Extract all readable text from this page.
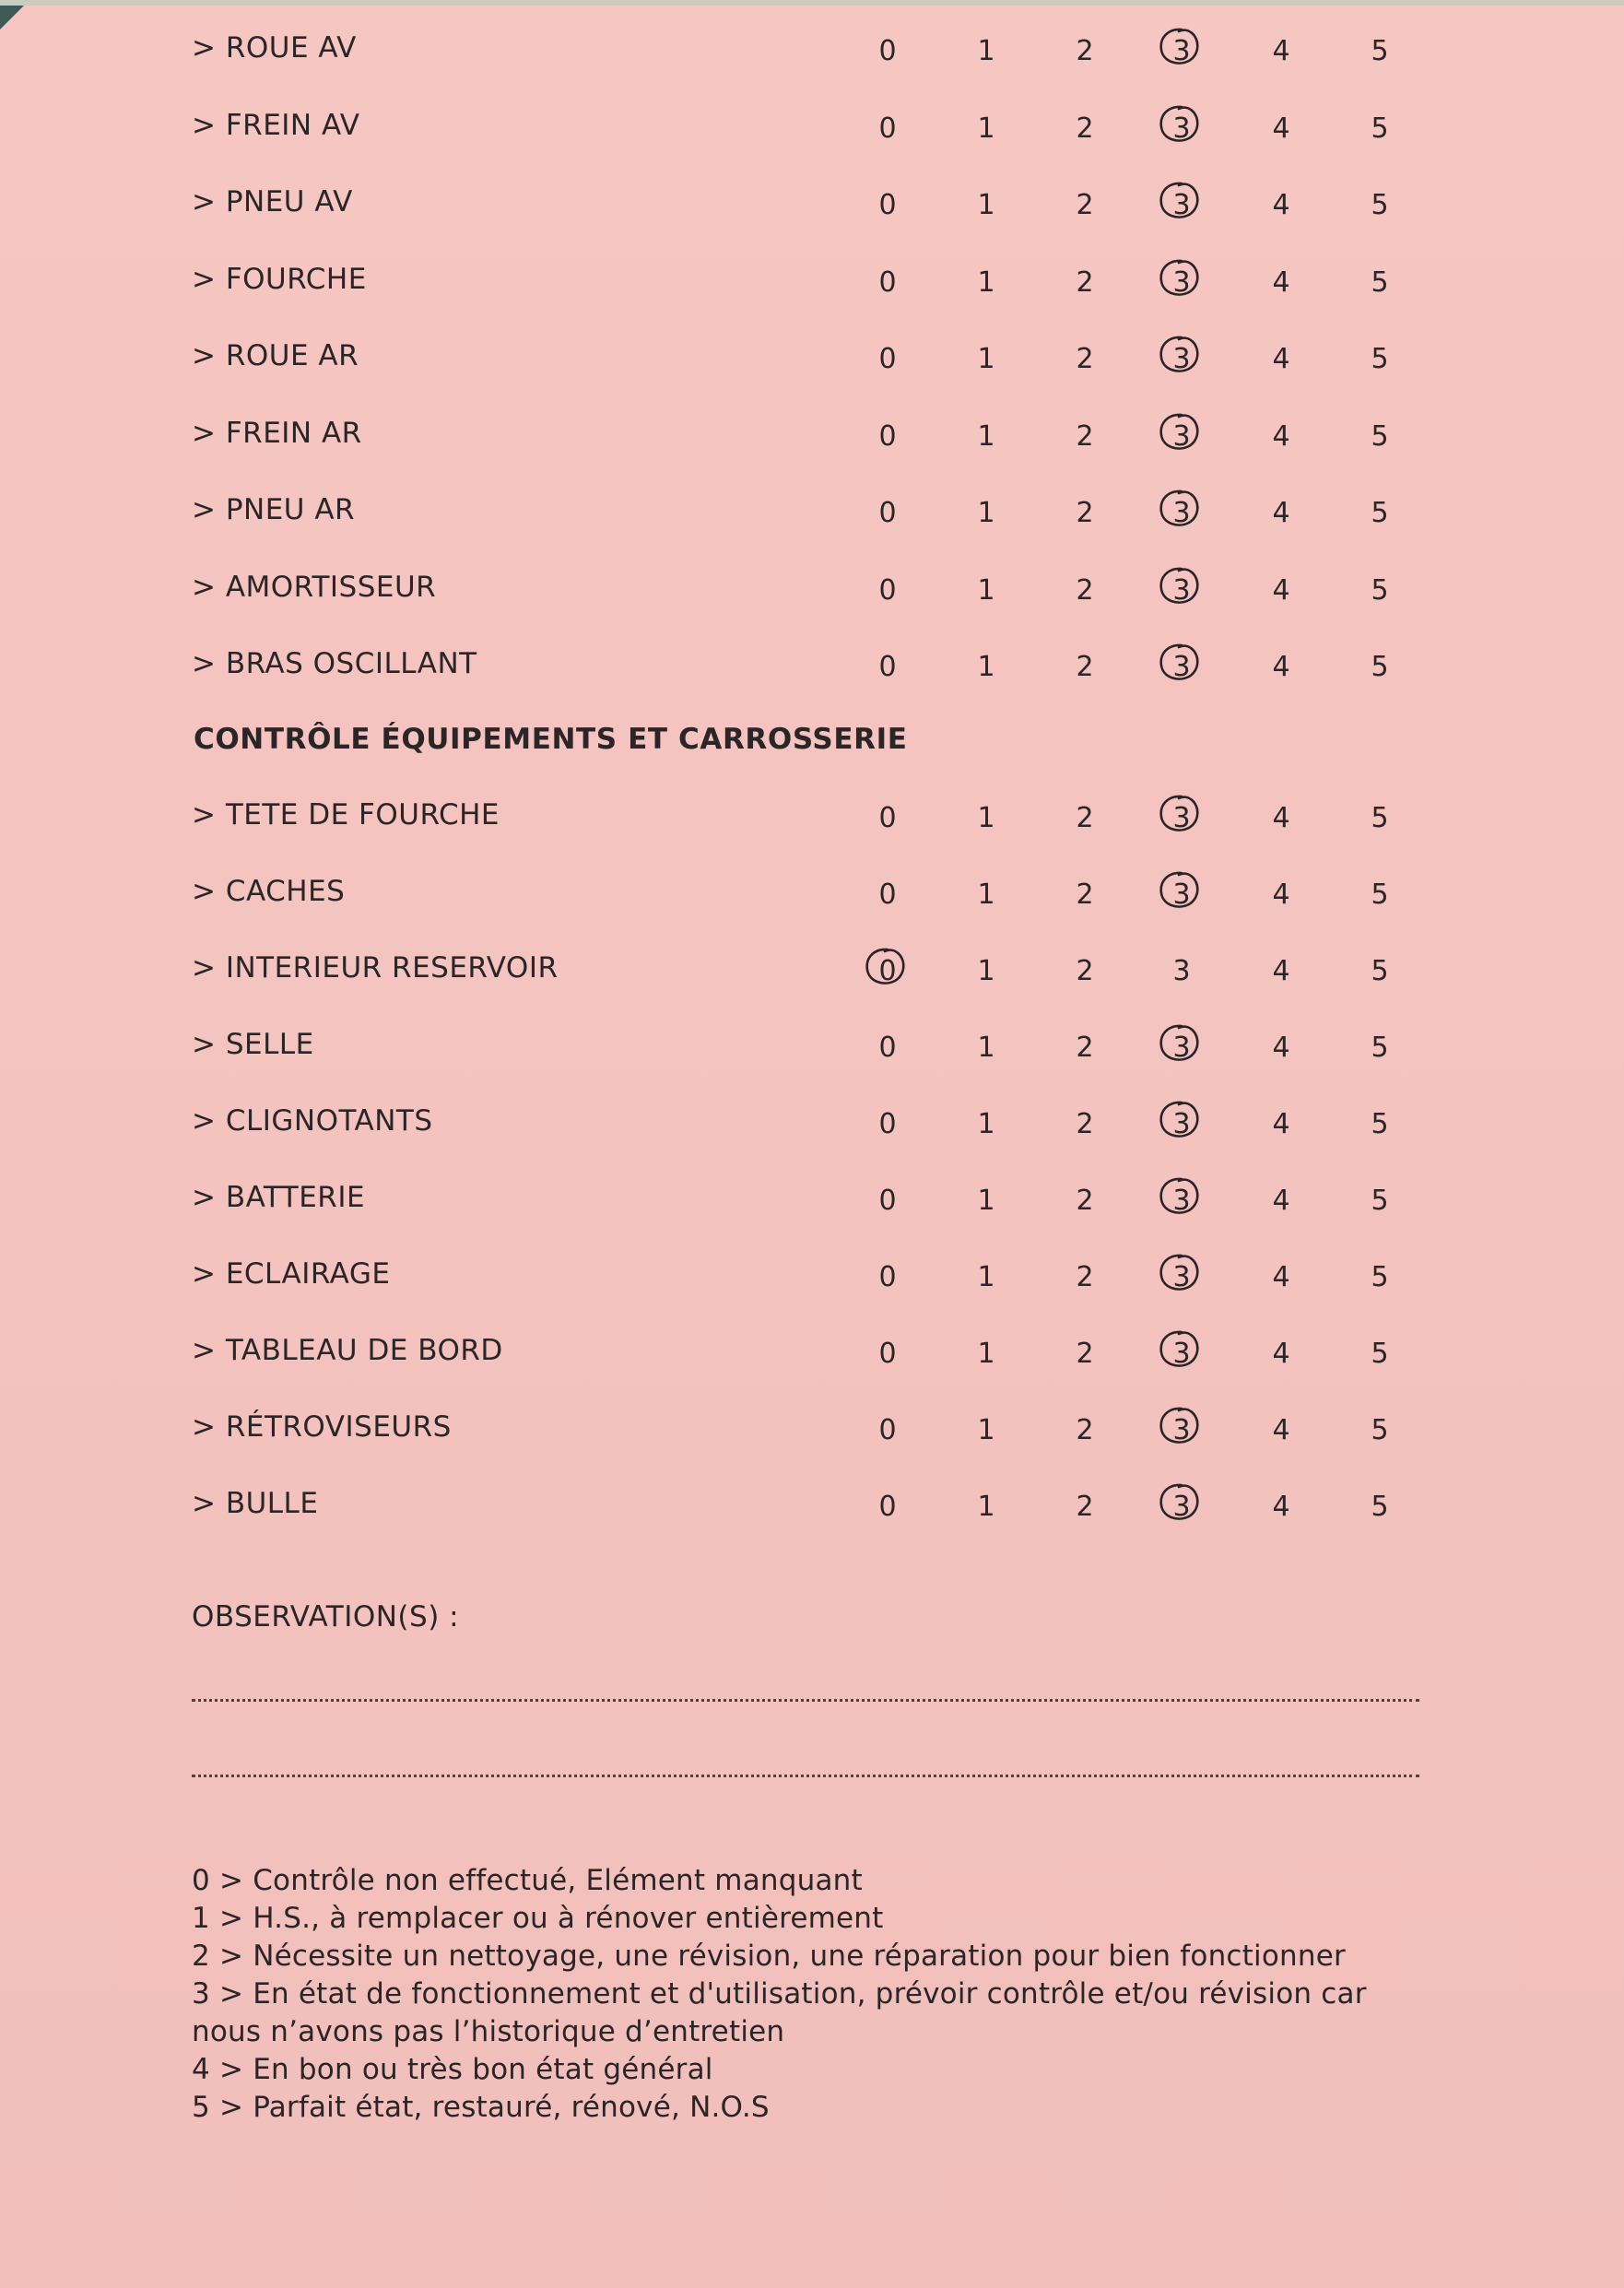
> ROUE AV	0	1	2	3	4	5
> FREIN AV	0	1	2	3	4	5
> PNEU AV	0	1	2	3	4	5
> FOURCHE	0	1	2	3	4	5
> ROUE AR	0	1	2	3	4	5
> FREIN AR	0	1	2	3	4	5
> PNEU AR	0	1	2	3	4	5
> AMORTISSEUR	0	1	2	3	4	5
> BRAS OSCILLANT	0	1	2	3	4	5
CONTRÔLE ÉQUIPEMENTS ET CARROSSERIE
> TETE DE FOURCHE	0	1	2	3	4	5
> CACHES	0	1	2	3	4	5
> INTERIEUR RESERVOIR	0	1	2	3	4	5
> SELLE	0	1	2	3	4	5
> CLIGNOTANTS	0	1	2	3	4	5
> BATTERIE	0	1	2	3	4	5
> ECLAIRAGE	0	1	2	3	4	5
> TABLEAU DE BORD	0	1	2	3	4	5
> RÉTROVISEURS	0	1	2	3	4	5
> BULLE	0	1	2	3	4	5
OBSERVATION(S) :
0 > Contrôle non effectué, Elément manquant
1 > H.S., à remplacer ou à rénover entièrement
2 > Nécessite un nettoyage, une révision, une réparation pour bien fonctionner
3 > En état de fonctionnement et d'utilisation, prévoir contrôle et/ou révision car nous n’avons pas l’historique d’entretien
4 > En bon ou très bon état général
5 > Parfait état, restauré, rénové, N.O.S
